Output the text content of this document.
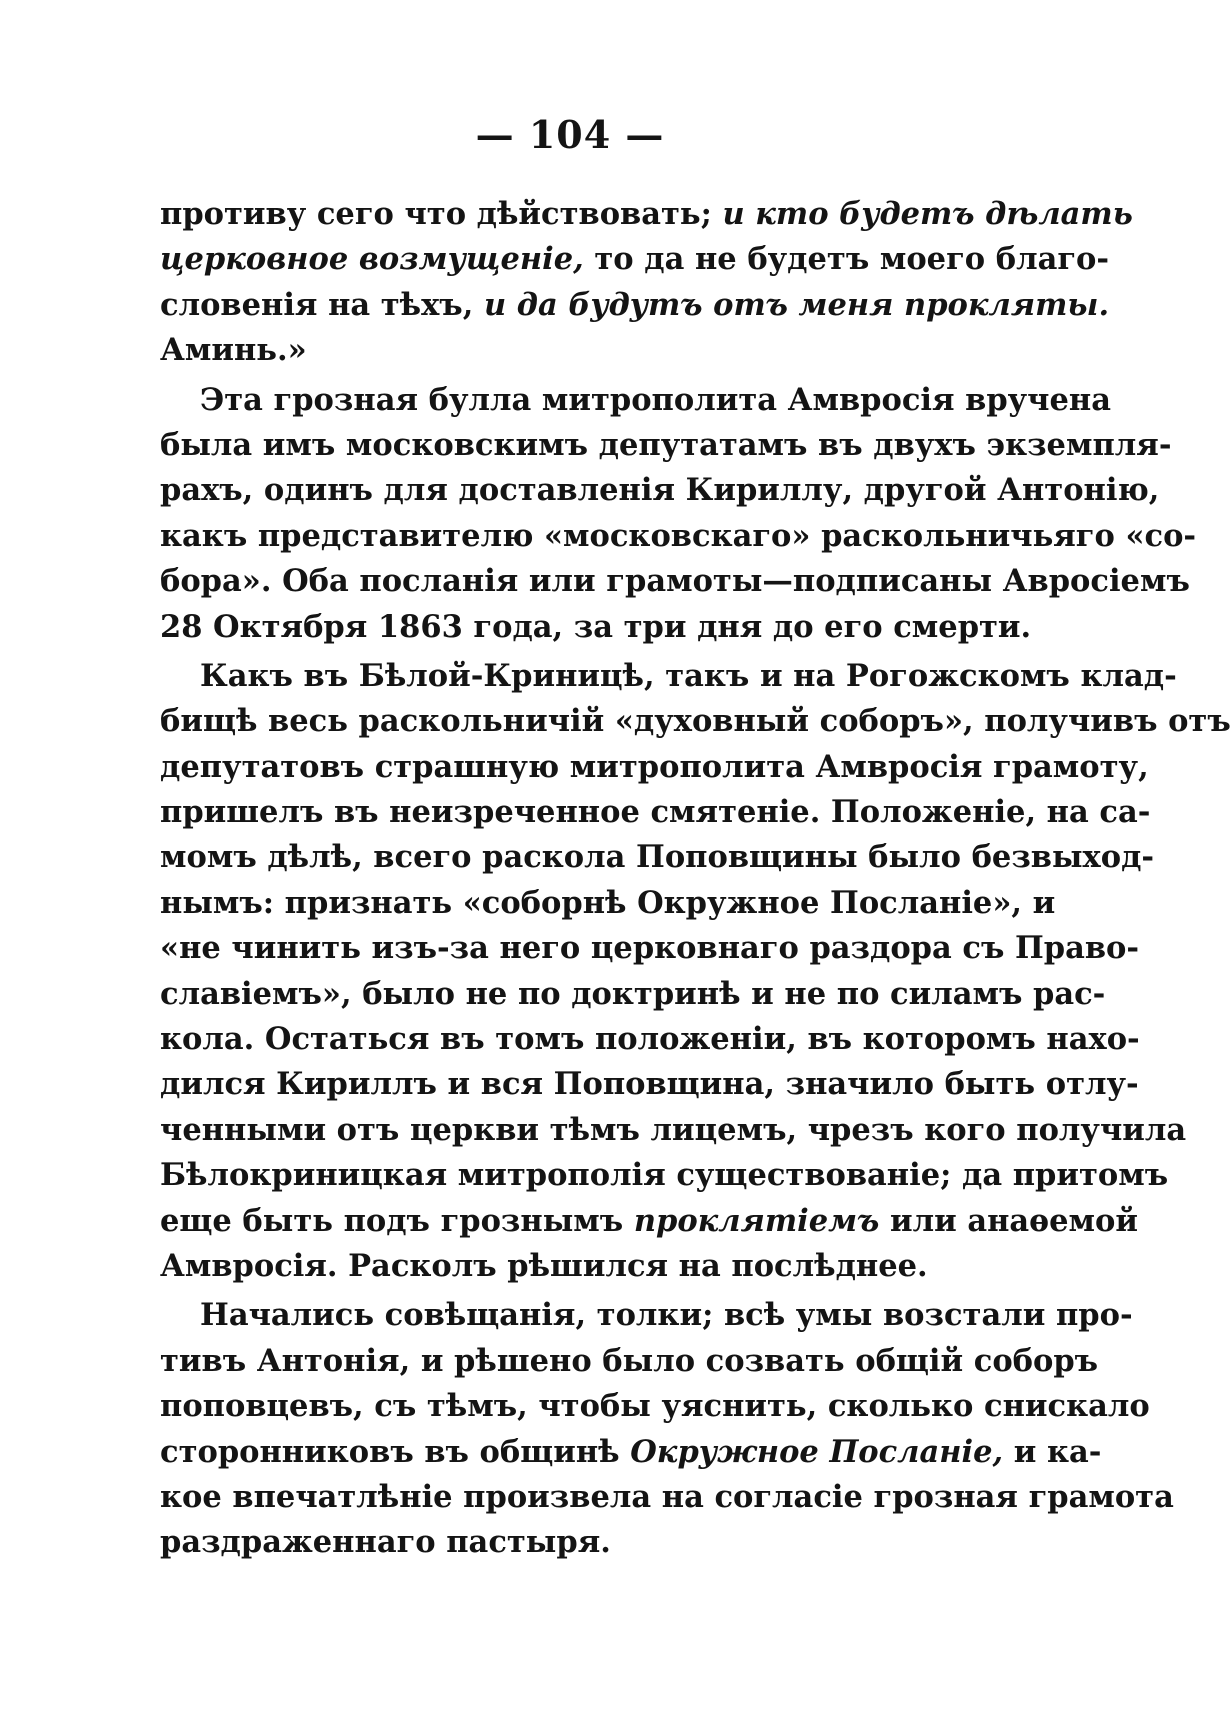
— 104 —
противу сего что дѣйствовать; и кто будетъ дѣлать
церковное возмущеніе, то да не будетъ моего благо-
словенія на тѣхъ, и да будутъ отъ меня прокляты.
Аминь.»
Эта грозная булла митрополита Амвросія вручена
была имъ московскимъ депутатамъ въ двухъ экземпля-
рахъ, одинъ для доставленія Кириллу, другой Антонію,
какъ представителю «московскаго» раскольничьяго «со-
бора». Оба посланія или грамоты—подписаны Авросіемъ
28 Октября 1863 года, за три дня до его смерти.
Какъ въ Бѣлой-Криницѣ, такъ и на Рогожскомъ клад-
бищѣ весь раскольничій «духовный соборъ», получивъ отъ
депутатовъ страшную митрополита Амвросія грамоту,
пришелъ въ неизреченное смятеніе. Положеніе, на са-
момъ дѣлѣ, всего раскола Поповщины было безвыход-
нымъ: признать «соборнѣ Окружное Посланіе», и
«не чинить изъ-за него церковнаго раздора съ Право-
славіемъ», было не по доктринѣ и не по силамъ рас-
кола. Остаться въ томъ положеніи, въ которомъ нахо-
дился Кириллъ и вся Поповщина, значило быть отлу-
ченными отъ церкви тѣмъ лицемъ, чрезъ кого получила
Бѣлокриницкая митрополія существованіе; да притомъ
еще быть подъ грознымъ проклятіемъ или анаѳемой
Амвросія. Расколъ рѣшился на послѣднее.
Начались совѣщанія, толки; всѣ умы возстали про-
тивъ Антонія, и рѣшено было созвать общій соборъ
поповцевъ, съ тѣмъ, чтобы уяснить, сколько снискало
сторонниковъ въ общинѣ Окружное Посланіе, и ка-
кое впечатлѣніе произвела на согласіе грозная грамота
раздраженнаго пастыря.
